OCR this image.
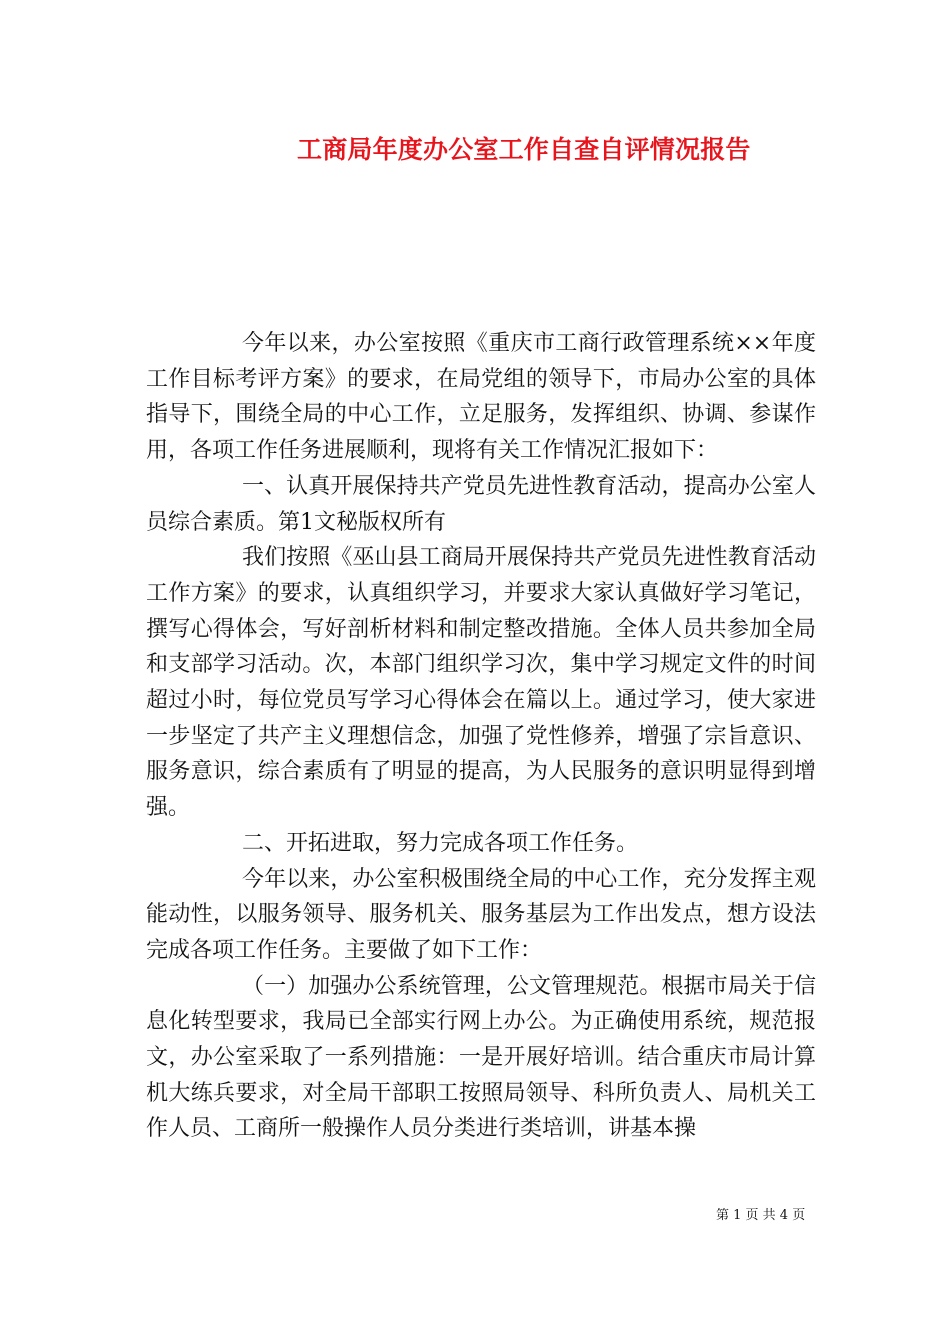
工商局年度办公室工作自查自评情况报告

今年以来，办公室按照《重庆市工商行政管理系统××年度工作目标考评方案》的要求，在局党组的领导下，市局办公室的具体指导下，围绕全局的中心工作，立足服务，发挥组织、协调、参谋作用，各项工作任务进展顺利，现将有关工作情况汇报如下：

一、认真开展保持共产党员先进性教育活动，提高办公室人员综合素质。第1文秘版权所有

我们按照《巫山县工商局开展保持共产党员先进性教育活动工作方案》的要求，认真组织学习，并要求大家认真做好学习笔记，撰写心得体会，写好剖析材料和制定整改措施。全体人员共参加全局和支部学习活动。次，本部门组织学习次，集中学习规定文件的时间超过小时，每位党员写学习心得体会在篇以上。通过学习，使大家进一步坚定了共产主义理想信念，加强了党性修养，增强了宗旨意识、服务意识，综合素质有了明显的提高，为人民服务的意识明显得到增强。

二、开拓进取，努力完成各项工作任务。

今年以来，办公室积极围绕全局的中心工作，充分发挥主观能动性，以服务领导、服务机关、服务基层为工作出发点，想方设法完成各项工作任务。主要做了如下工作：

（一）加强办公系统管理，公文管理规范。根据市局关于信息化转型要求，我局已全部实行网上办公。为正确使用系统，规范报文，办公室采取了一系列措施：一是开展好培训。结合重庆市局计算机大练兵要求，对全局干部职工按照局领导、科所负责人、局机关工作人员、工商所一般操作人员分类进行类培训，讲基本操

第 1 页 共 4 页
